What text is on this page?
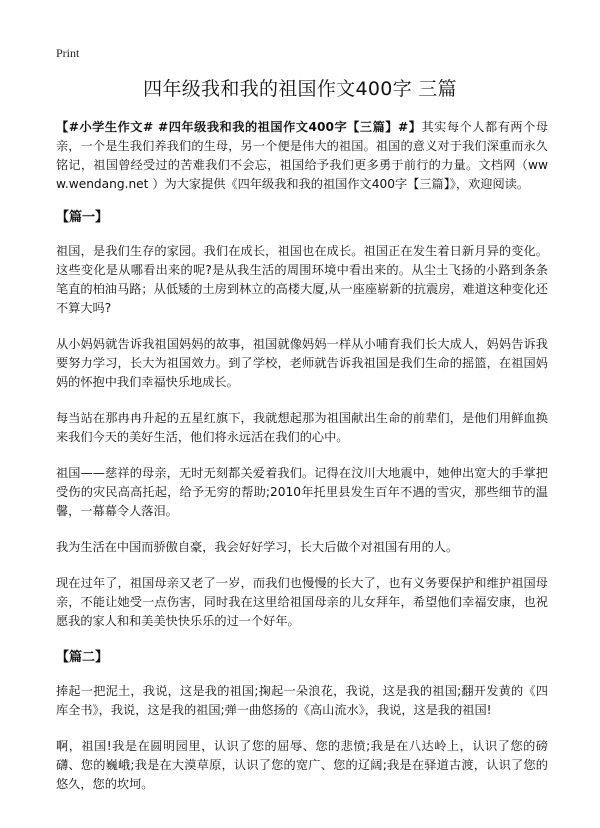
Print
四年级我和我的祖国作文400字 三篇

【#小学生作文# #四年级我和我的祖国作文400字【三篇】#】其实每个人都有两个母亲，一个是生我们养我们的生母，另一个便是伟大的祖国。祖国的意义对于我们深重而永久铭记，祖国曾经受过的苦难我们不会忘，祖国给予我们更多勇于前行的力量。文档网（www.wendang.net ）为大家提供《四年级我和我的祖国作文400字【三篇】》，欢迎阅读。

【篇一】

祖国，是我们生存的家园。我们在成长，祖国也在成长。祖国正在发生着日新月异的变化。这些变化是从哪看出来的呢?是从我生活的周围环境中看出来的。从尘土飞扬的小路到条条笔直的柏油马路；从低矮的土房到林立的高楼大厦,从一座座崭新的抗震房，难道这种变化还不算大吗?

从小妈妈就告诉我祖国妈妈的故事，祖国就像妈妈一样从小哺育我们长大成人，妈妈告诉我要努力学习，长大为祖国效力。到了学校，老师就告诉我祖国是我们生命的摇篮，在祖国妈妈的怀抱中我们幸福快乐地成长。

每当站在那冉冉升起的五星红旗下，我就想起那为祖国献出生命的前辈们，是他们用鲜血换来我们今天的美好生活，他们将永远活在我们的心中。

祖国——慈祥的母亲，无时无刻都关爱着我们。记得在汶川大地震中，她伸出宽大的手掌把受伤的灾民高高托起，给予无穷的帮助;2010年托里县发生百年不遇的雪灾，那些细节的温馨，一幕幕令人落泪。

我为生活在中国而骄傲自豪，我会好好学习，长大后做个对祖国有用的人。

现在过年了，祖国母亲又老了一岁，而我们也慢慢的长大了，也有义务要保护和维护祖国母亲，不能让她受一点伤害，同时我在这里给祖国母亲的儿女拜年，希望他们幸福安康，也祝愿我的家人和和美美快快乐乐的过一个好年。

【篇二】

捧起一把泥土，我说，这是我的祖国;掬起一朵浪花，我说，这是我的祖国;翻开发黄的《四库全书》，我说，这是我的祖国;弹一曲悠扬的《高山流水》，我说，这是我的祖国!

啊，祖国!我是在圆明园里，认识了您的屈辱、您的悲愤;我是在八达岭上，认识了您的磅礴、您的巍峨;我是在大漠草原，认识了您的宽广、您的辽阔;我是在驿道古渡，认识了您的悠久，您的坎坷。
